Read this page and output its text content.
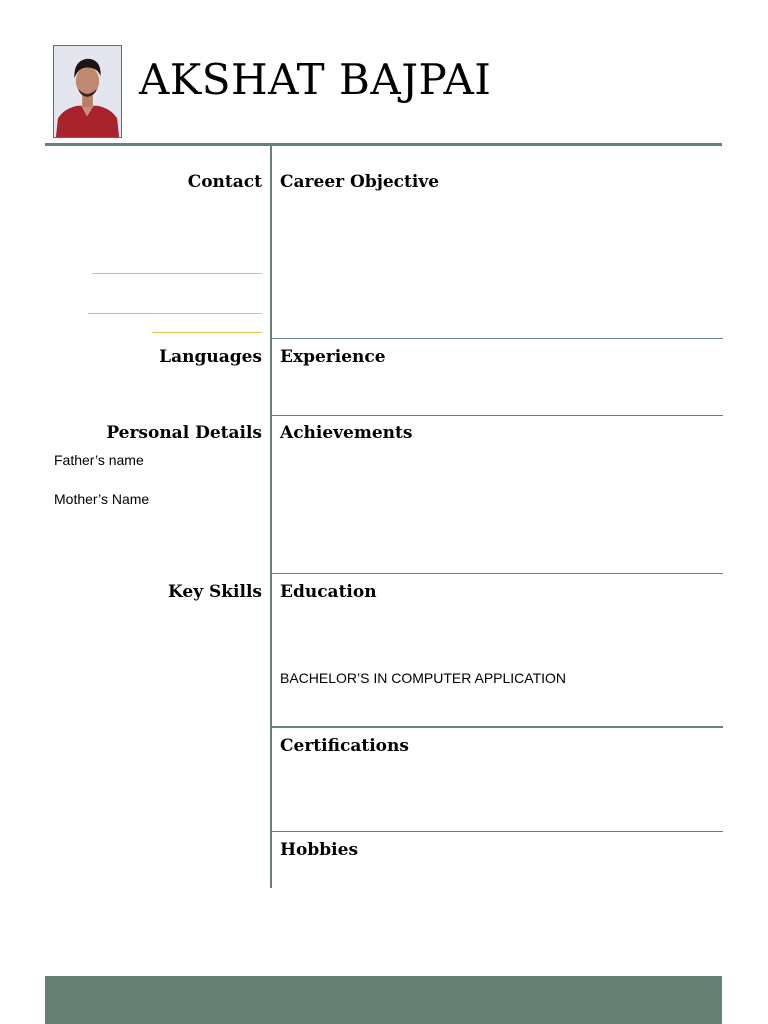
AKSHAT BAJPAI
Contact
Languages
Personal Details
Father’s name
Mother’s Name
Key Skills
Career Objective
Experience
Achievements
Education
BACHELOR’S IN COMPUTER APPLICATION
Certifications
Hobbies
